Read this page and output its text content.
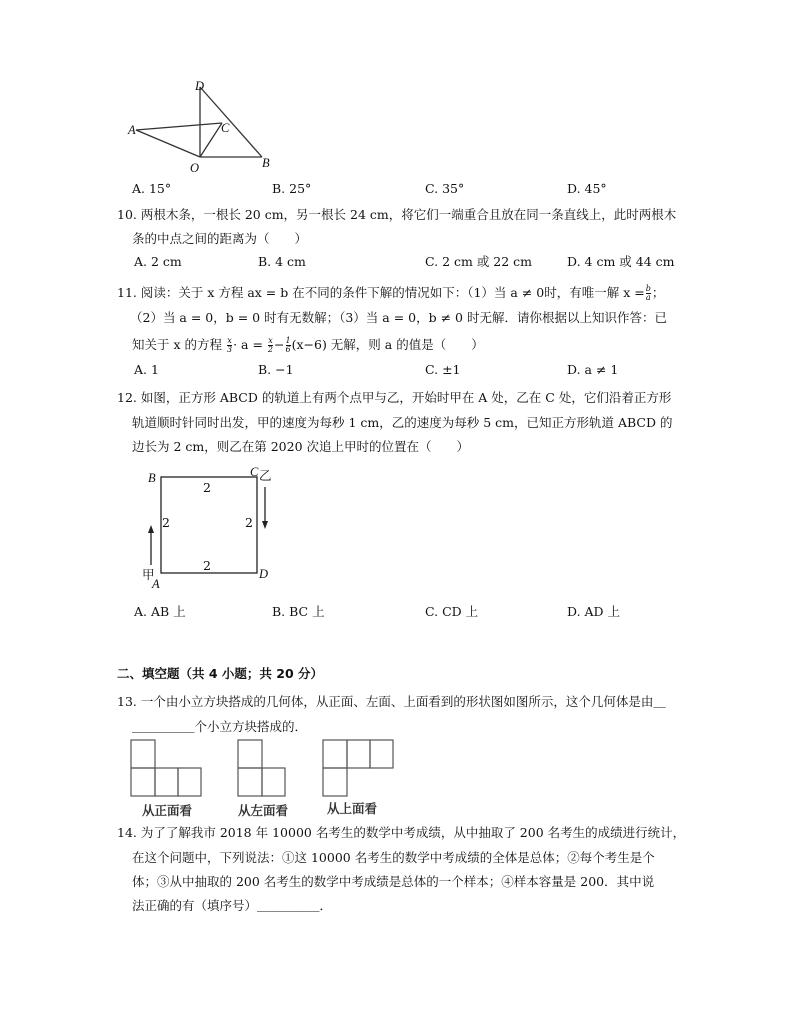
D
A	C
B
O
A. 15°	B. 25°	C. 35°	D. 45°
10. 两根木条，一根长 20 cm，另一根长 24 cm，将它们一端重合且放在同一条直线上，此时两根木
条的中点之间的距离为（　　）
A. 2 cm	B. 4 cm	C. 2 cm 或 22 cm	D. 4 cm 或 44 cm
11. 阅读：关于 x 方程 ax = b 在不同的条件下解的情况如下：（1）当 a ≠ 0时，有唯一解 $x = \frac{b}{a}$ ；
（2）当 a = 0，b = 0 时有无数解；（3）当 a = 0，b ≠ 0 时无解．请你根据以上知识作答：已
知关于 x 的方程 $\frac{x}{3} \cdot a = \frac{x}{2} - \frac{1}{6} (x-6)$ 无解，则 a 的值是（　　）
A. 1	B. −1	C. ±1	D. a ≠ 1
12. 如图，正方形 ABCD 的轨道上有两个点甲与乙，开始时甲在 A 处，乙在 C 处，它们沿着正方形
轨道顺时针同时出发，甲的速度为每秒 1 cm，乙的速度为每秒 5 cm，已知正方形轨道 ABCD 的
边长为 2 cm，则乙在第 2020 次追上甲时的位置在（　　）
B	C 乙
2
2	2
2
甲
A
D
A. AB 上	B. BC 上	C. CD 上	D. AD 上
二、填空题（共 4 小题；共 20 分）
13. 一个由小立方块搭成的几何体，从正面、左面、上面看到的形状图如图所示，这个几何体是由＿
＿＿＿＿＿个小立方块搭成的．
从正面看	从左面看	从上面看
14. 为了了解我市 2018 年 10000 名考生的数学中考成绩，从中抽取了 200 名考生的成绩进行统计，
在这个问题中，下列说法：①这 10000 名考生的数学中考成绩的全体是总体；②每个考生是个
体；③从中抽取的 200 名考生的数学中考成绩是总体的一个样本；④样本容量是 200．其中说
法正确的有（填序号）＿＿＿＿＿．
